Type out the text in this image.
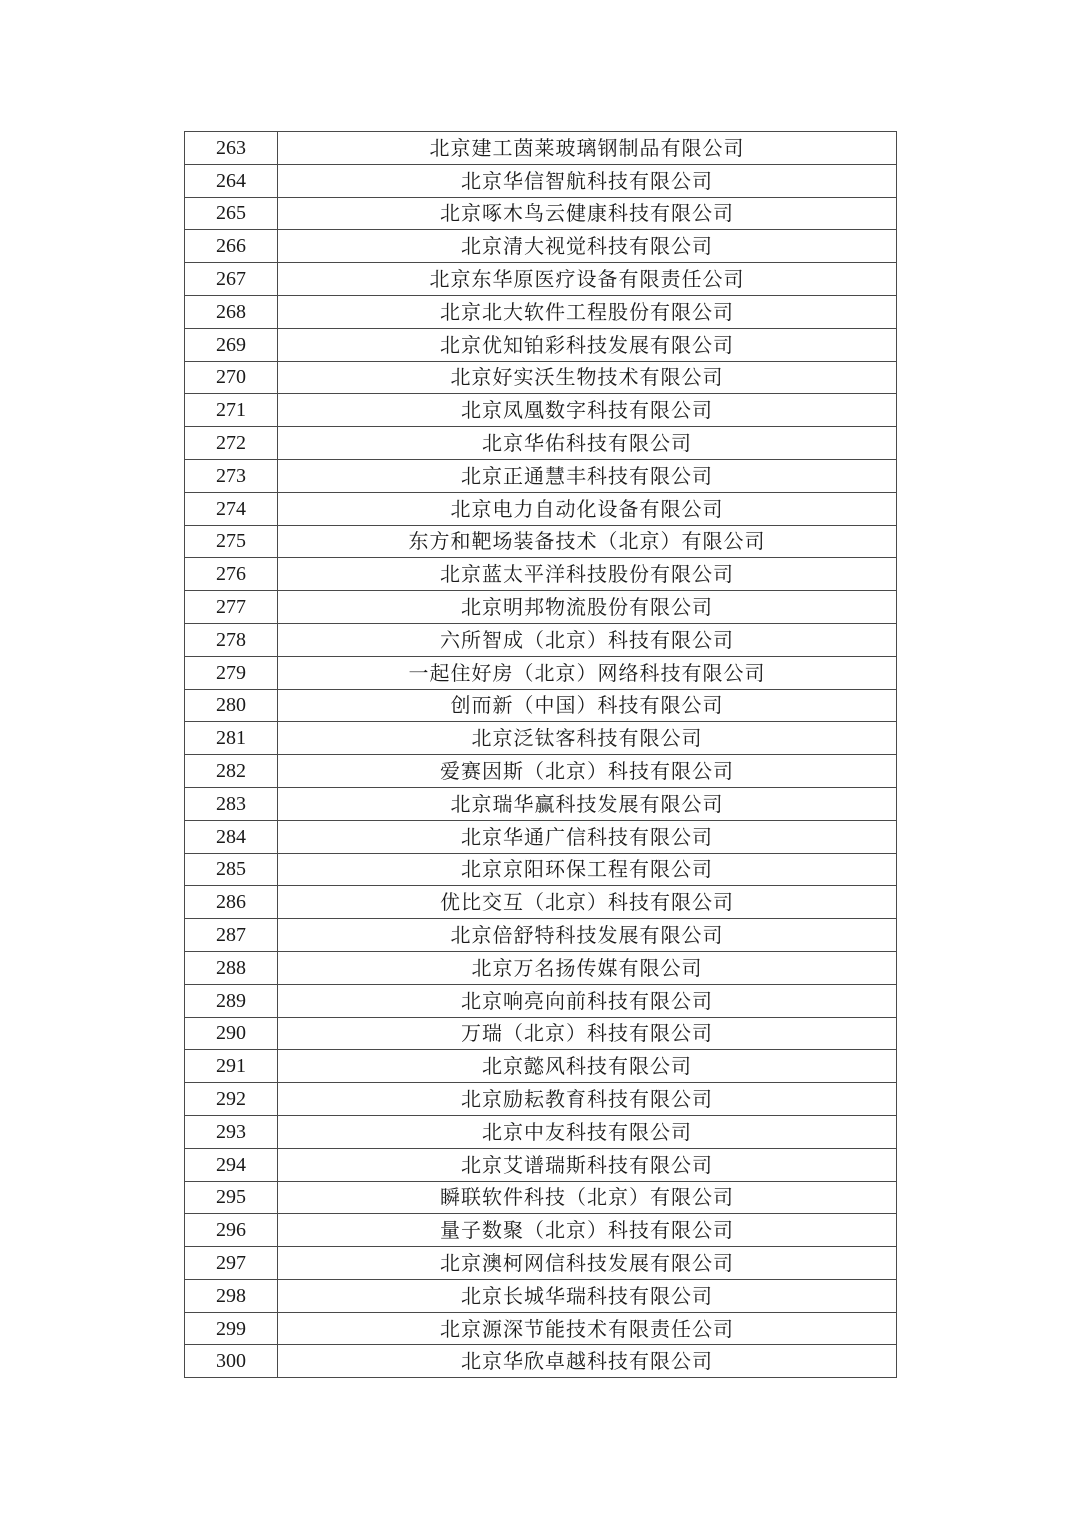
263	北京建工茵莱玻璃钢制品有限公司
264	北京华信智航科技有限公司
265	北京啄木鸟云健康科技有限公司
266	北京清大视觉科技有限公司
267	北京东华原医疗设备有限责任公司
268	北京北大软件工程股份有限公司
269	北京优知铂彩科技发展有限公司
270	北京好实沃生物技术有限公司
271	北京凤凰数字科技有限公司
272	北京华佑科技有限公司
273	北京正通慧丰科技有限公司
274	北京电力自动化设备有限公司
275	东方和靶场装备技术（北京）有限公司
276	北京蓝太平洋科技股份有限公司
277	北京明邦物流股份有限公司
278	六所智成（北京）科技有限公司
279	一起住好房（北京）网络科技有限公司
280	创而新（中国）科技有限公司
281	北京泛钛客科技有限公司
282	爱赛因斯（北京）科技有限公司
283	北京瑞华赢科技发展有限公司
284	北京华通广信科技有限公司
285	北京京阳环保工程有限公司
286	优比交互（北京）科技有限公司
287	北京倍舒特科技发展有限公司
288	北京万名扬传媒有限公司
289	北京响亮向前科技有限公司
290	万瑞（北京）科技有限公司
291	北京懿风科技有限公司
292	北京励耘教育科技有限公司
293	北京中友科技有限公司
294	北京艾谱瑞斯科技有限公司
295	瞬联软件科技（北京）有限公司
296	量子数聚（北京）科技有限公司
297	北京澳柯网信科技发展有限公司
298	北京长城华瑞科技有限公司
299	北京源深节能技术有限责任公司
300	北京华欣卓越科技有限公司
